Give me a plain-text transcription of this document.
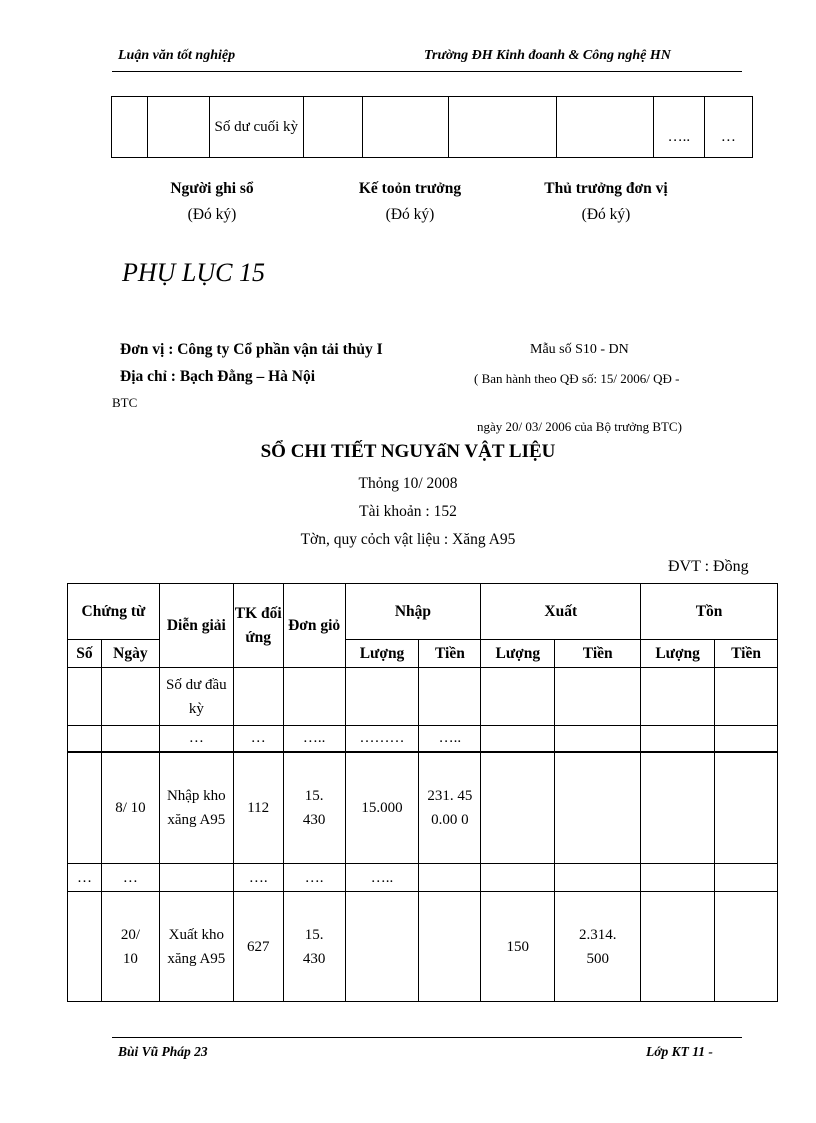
Luận văn tốt nghiệp	Trường ĐH Kinh đoanh & Công nghệ HN
		Số dư cuối kỳ					…..	…
Người ghi sổ
(Đó ký)
Kế toỏn trưởng
(Đó ký)
Thủ trưởng đơn vị
(Đó ký)
PHỤ LỤC 15
Đơn vị : Công ty Cổ phần vận tải thủy I
Địa chỉ : Bạch Đằng – Hà Nội
Mẫu số S10 - DN
( Ban hành theo QĐ số: 15/ 2006/ QĐ -
BTC
ngày 20/ 03/ 2006 của Bộ trưởng BTC)
SỔ CHI TIẾT NGUYấN VẬT LIỆU
Thỏng 10/ 2008
Tài khoản : 152
Tờn, quy cỏch vật liệu : Xăng A95
ĐVT : Đồng
Chứng từ		Diễn giải	TK đối ứng	Đơn giỏ	Nhập		Xuất		Tồn	
Số	Ngày				Lượng	Tiền	Lượng	Tiền	Lượng	Tiền
		Số dư đầu kỳ								
		…	…	…..	………	…..				
	8/ 10	Nhập kho xăng A95	112	15. 430	15.000	231. 450.00 0				
…	…		….	….	…..					
	20/ 10	Xuất kho xăng A95	627	15. 430			150	2.314. 500		
Bùi Vũ Pháp 23	Lớp KT 11 -
